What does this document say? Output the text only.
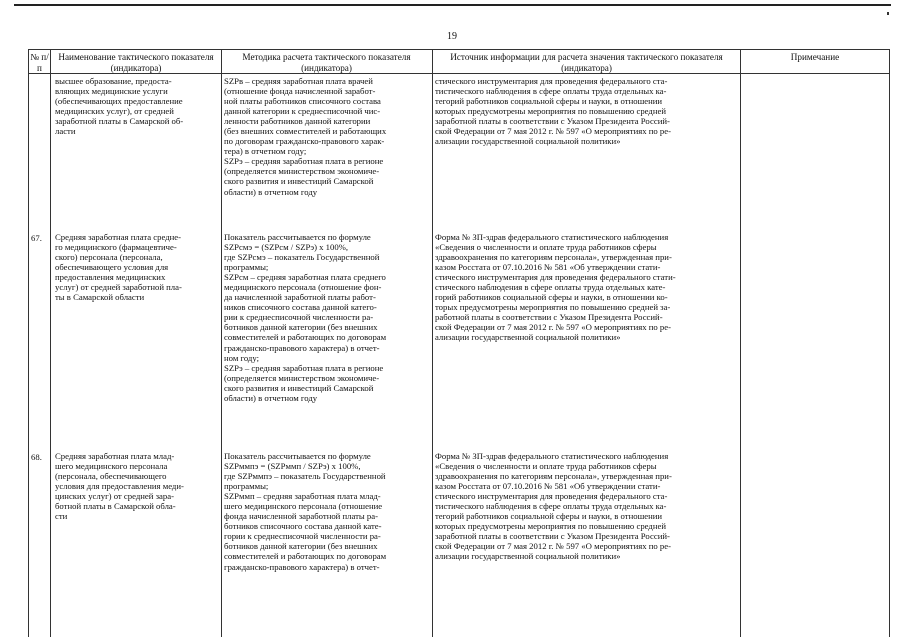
19
№ п/п
Наименование тактического показателя (индикатора)
Методика расчета тактического показателя (индикатора)
Источник информации для расчета значения тактического показателя (индикатора)
Примечание
высшее образование, предоста-
вляющих медицинские услуги
(обеспечивающих предоставление
медицинских услуг), от средней
заработной платы в Самарской об-
ласти
SZPв – средняя заработная плата врачей
(отношение фонда начисленной заработ-
ной платы работников списочного состава
данной категории к среднесписочной чис-
ленности работников данной категории
(без внешних совместителей и работающих
по договорам гражданско-правового харак-
тера) в отчетном году;
SZPэ – средняя заработная плата в регионе
(определяется министерством экономиче-
ского развития и инвестиций Самарской
области) в отчетном году
стического инструментария для проведения федерального ста-
тистического наблюдения в сфере оплаты труда отдельных ка-
тегорий работников социальной сферы и науки, в отношении
которых предусмотрены мероприятия по повышению средней
заработной платы в соответствии с Указом Президента Россий-
ской Федерации от 7 мая 2012 г. № 597 «О мероприятиях по ре-
ализации государственной социальной политики»
67. Средняя заработная плата средне-
го медицинского (фармацевтиче-
ского) персонала (персонала,
обеспечивающего условия для
предоставления медицинских
услуг) от средней заработной пла-
ты в Самарской области
Показатель рассчитывается по формуле
SZPсмэ = (SZPсм / SZPэ) x 100%,
где SZPсмэ – показатель Государственной
программы;
SZPсм – средняя заработная плата среднего
медицинского персонала (отношение фон-
да начисленной заработной платы работ-
ников списочного состава данной катего-
рии к среднесписочной численности ра-
ботников данной категории (без внешних
совместителей и работающих по договорам
гражданско-правового характера) в отчет-
ном году;
SZPэ – средняя заработная плата в регионе
(определяется министерством экономиче-
ского развития и инвестиций Самарской
области) в отчетном году
Форма № ЗП-здрав федерального статистического наблюдения
«Сведения о численности и оплате труда работников сферы
здравоохранения по категориям персонала», утвержденная при-
казом Росстата от 07.10.2016 № 581 «Об утверждении стати-
стического инструментария для проведения федерального стати-
стического наблюдения в сфере оплаты труда отдельных кате-
горий работников социальной сферы и науки, в отношении ко-
торых предусмотрены мероприятия по повышению средней за-
работной платы в соответствии с Указом Президента Россий-
ской Федерации от 7 мая 2012 г. № 597 «О мероприятиях по ре-
ализации государственной социальной политики»
68. Средняя заработная плата млад-
шего медицинского персонала
(персонала, обеспечивающего
условия для предоставления меди-
цинских услуг) от средней зара-
ботной платы в Самарской обла-
сти
Показатель рассчитывается по формуле
SZPммпэ = (SZPммп / SZPэ) x 100%,
где SZPммпэ – показатель Государственной
программы;
SZPммп – средняя заработная плата млад-
шего медицинского персонала (отношение
фонда начисленной заработной платы ра-
ботников списочного состава данной кате-
гории к среднесписочной численности ра-
ботников данной категории (без внешних
совместителей и работающих по договорам
гражданско-правового характера) в отчет-
Форма № ЗП-здрав федерального статистического наблюдения
«Сведения о численности и оплате труда работников сферы
здравоохранения по категориям персонала», утвержденная при-
казом Росстата от 07.10.2016 № 581 «Об утверждении стати-
стического инструментария для проведения федерального ста-
тистического наблюдения в сфере оплаты труда отдельных ка-
тегорий работников социальной сферы и науки, в отношении
которых предусмотрены мероприятия по повышению средней
заработной платы в соответствии с Указом Президента Россий-
ской Федерации от 7 мая 2012 г. № 597 «О мероприятиях по ре-
ализации государственной социальной политики»
